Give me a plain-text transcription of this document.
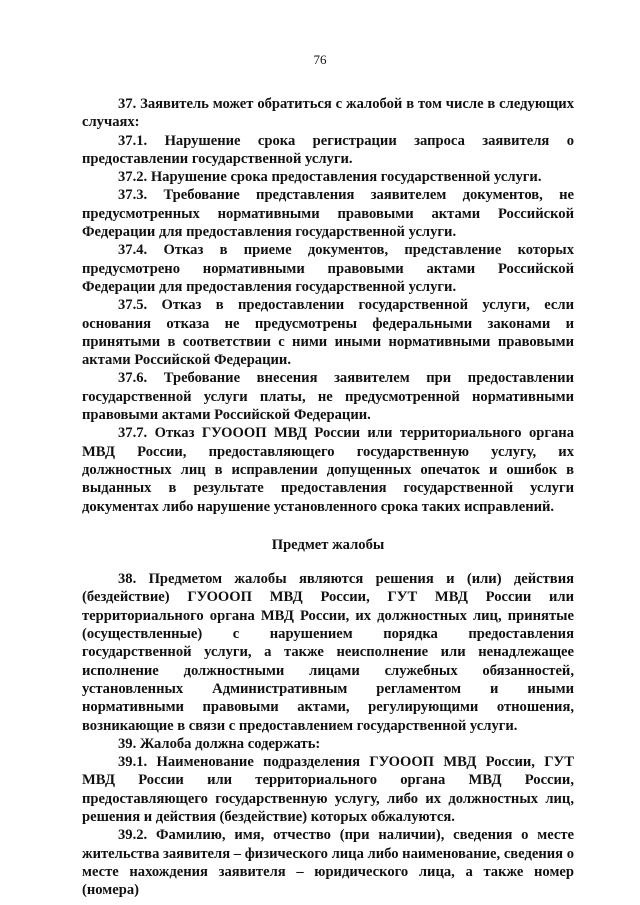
76

37. Заявитель может обратиться с жалобой в том числе в следующих случаях:

37.1. Нарушение срока регистрации запроса заявителя о предоставлении государственной услуги.

37.2. Нарушение срока предоставления государственной услуги.

37.3. Требование представления заявителем документов, не предусмотренных нормативными правовыми актами Российской Федерации для предоставления государственной услуги.

37.4. Отказ в приеме документов, представление которых предусмотрено нормативными правовыми актами Российской Федерации для предоставления государственной услуги.

37.5. Отказ в предоставлении государственной услуги, если основания отказа не предусмотрены федеральными законами и принятыми в соответствии с ними иными нормативными правовыми актами Российской Федерации.

37.6. Требование внесения заявителем при предоставлении государственной услуги платы, не предусмотренной нормативными правовыми актами Российской Федерации.

37.7. Отказ ГУОООП МВД России или территориального органа МВД России, предоставляющего государственную услугу, их должностных лиц в исправлении допущенных опечаток и ошибок в выданных в результате предоставления государственной услуги документах либо нарушение установленного срока таких исправлений.

Предмет жалобы

38. Предметом жалобы являются решения и (или) действия (бездействие) ГУОООП МВД России, ГУТ МВД России или территориального органа МВД России, их должностных лиц, принятые (осуществленные) с нарушением порядка предоставления государственной услуги, а также неисполнение или ненадлежащее исполнение должностными лицами служебных обязанностей, установленных Административным регламентом и иными нормативными правовыми актами, регулирующими отношения, возникающие в связи с предоставлением государственной услуги.

39. Жалоба должна содержать:

39.1. Наименование подразделения ГУОООП МВД России, ГУТ МВД России или территориального органа МВД России, предоставляющего государственную услугу, либо их должностных лиц, решения и действия (бездействие) которых обжалуются.

39.2. Фамилию, имя, отчество (при наличии), сведения о месте жительства заявителя – физического лица либо наименование, сведения о месте нахождения заявителя – юридического лица, а также номер (номера)
